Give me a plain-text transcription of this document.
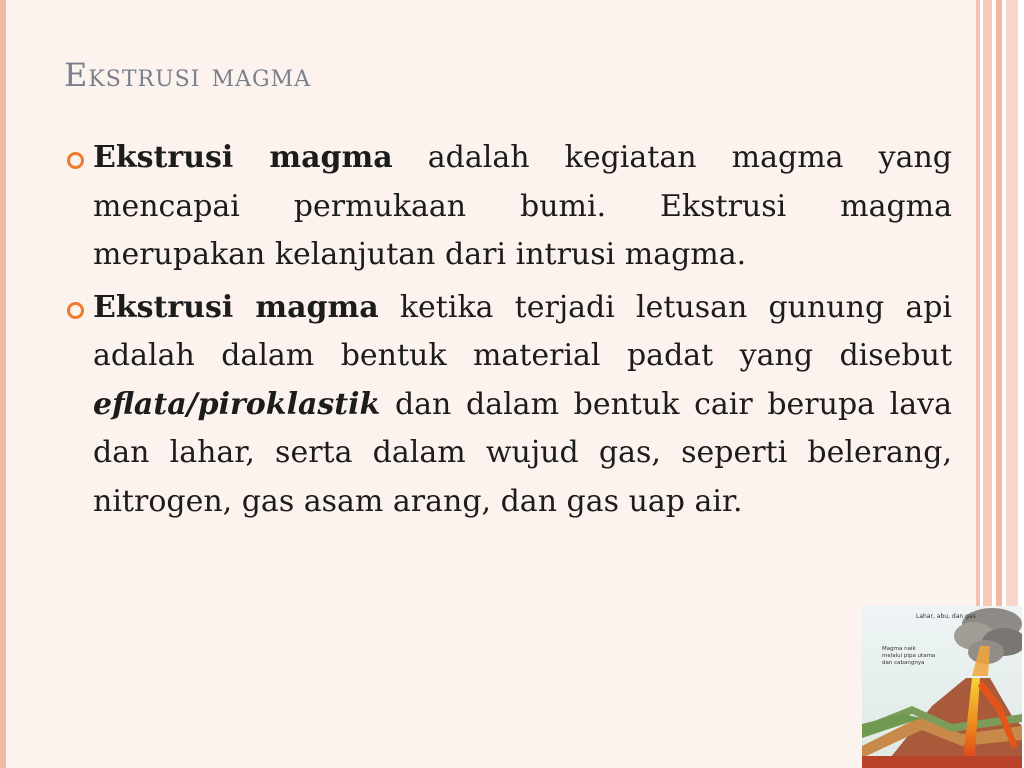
Ekstrusi magma
Ekstrusi magma adalah kegiatan magma yang mencapai permukaan bumi. Ekstrusi magma merupakan kelanjutan dari intrusi magma.
Ekstrusi magma ketika terjadi letusan gunung api adalah dalam bentuk material padat yang disebut eflata/piroklastik dan dalam bentuk cair berupa lava dan lahar, serta dalam wujud gas, seperti belerang, nitrogen, gas asam arang, dan gas uap air.
Lahar, abu, dan gas
Magma naik melalui pipa utama dan cabangnya
